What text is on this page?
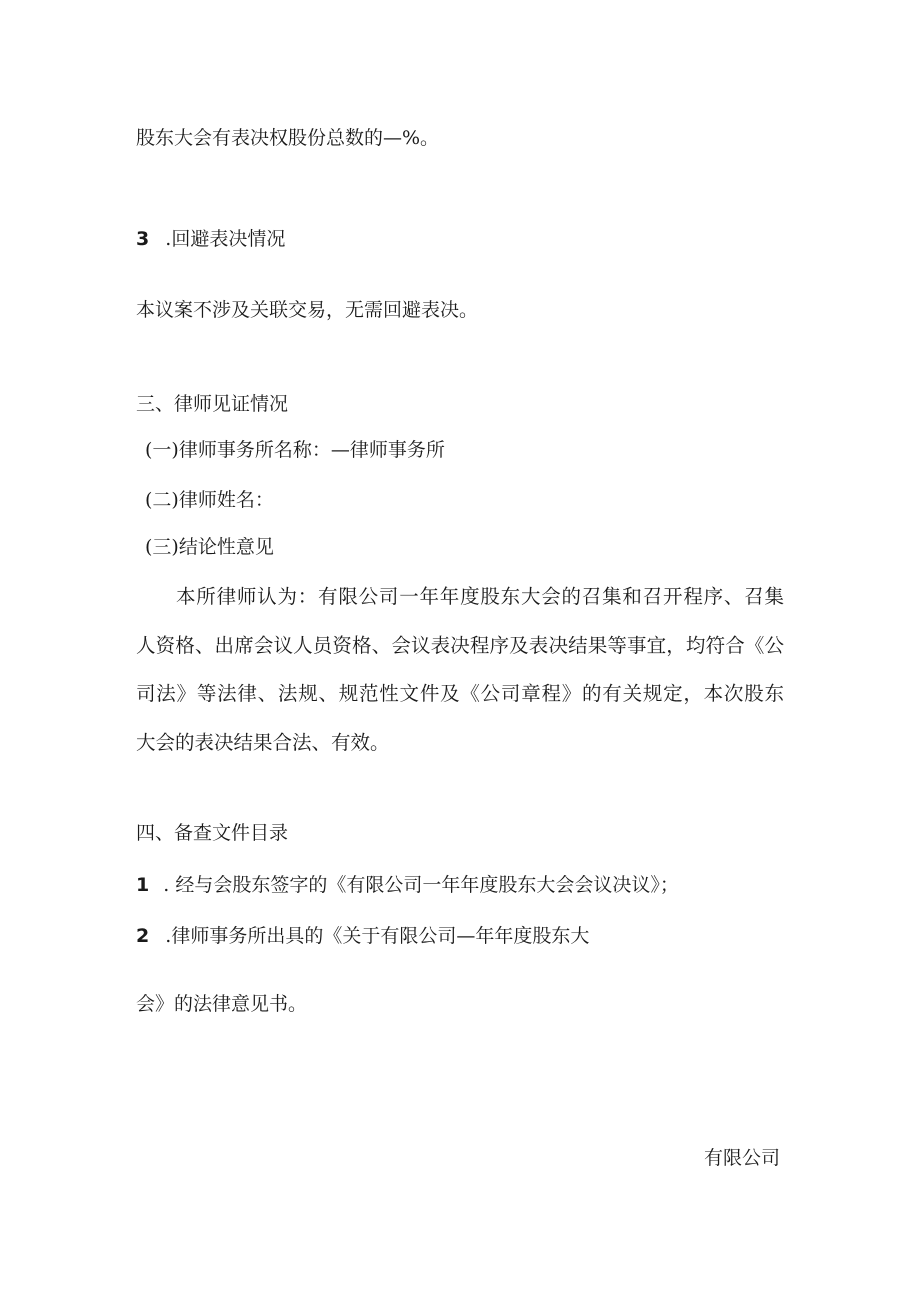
股东大会有表决权股份总数的—%。
3 .回避表决情况
本议案不涉及关联交易，无需回避表决。
三、律师见证情况
(一)律师事务所名称：—律师事务所
(二)律师姓名：
(三)结论性意见
本所律师认为：有限公司一年年度股东大会的召集和召开程序、召集
人资格、出席会议人员资格、会议表决程序及表决结果等事宜，均符合《公
司法》等法律、法规、规范性文件及《公司章程》的有关规定，本次股东
大会的表决结果合法、有效。
四、备查文件目录
1 . 经与会股东签字的《有限公司一年年度股东大会会议决议》；
2 .律师事务所出具的《关于有限公司—年年度股东大
会》的法律意见书。
有限公司
